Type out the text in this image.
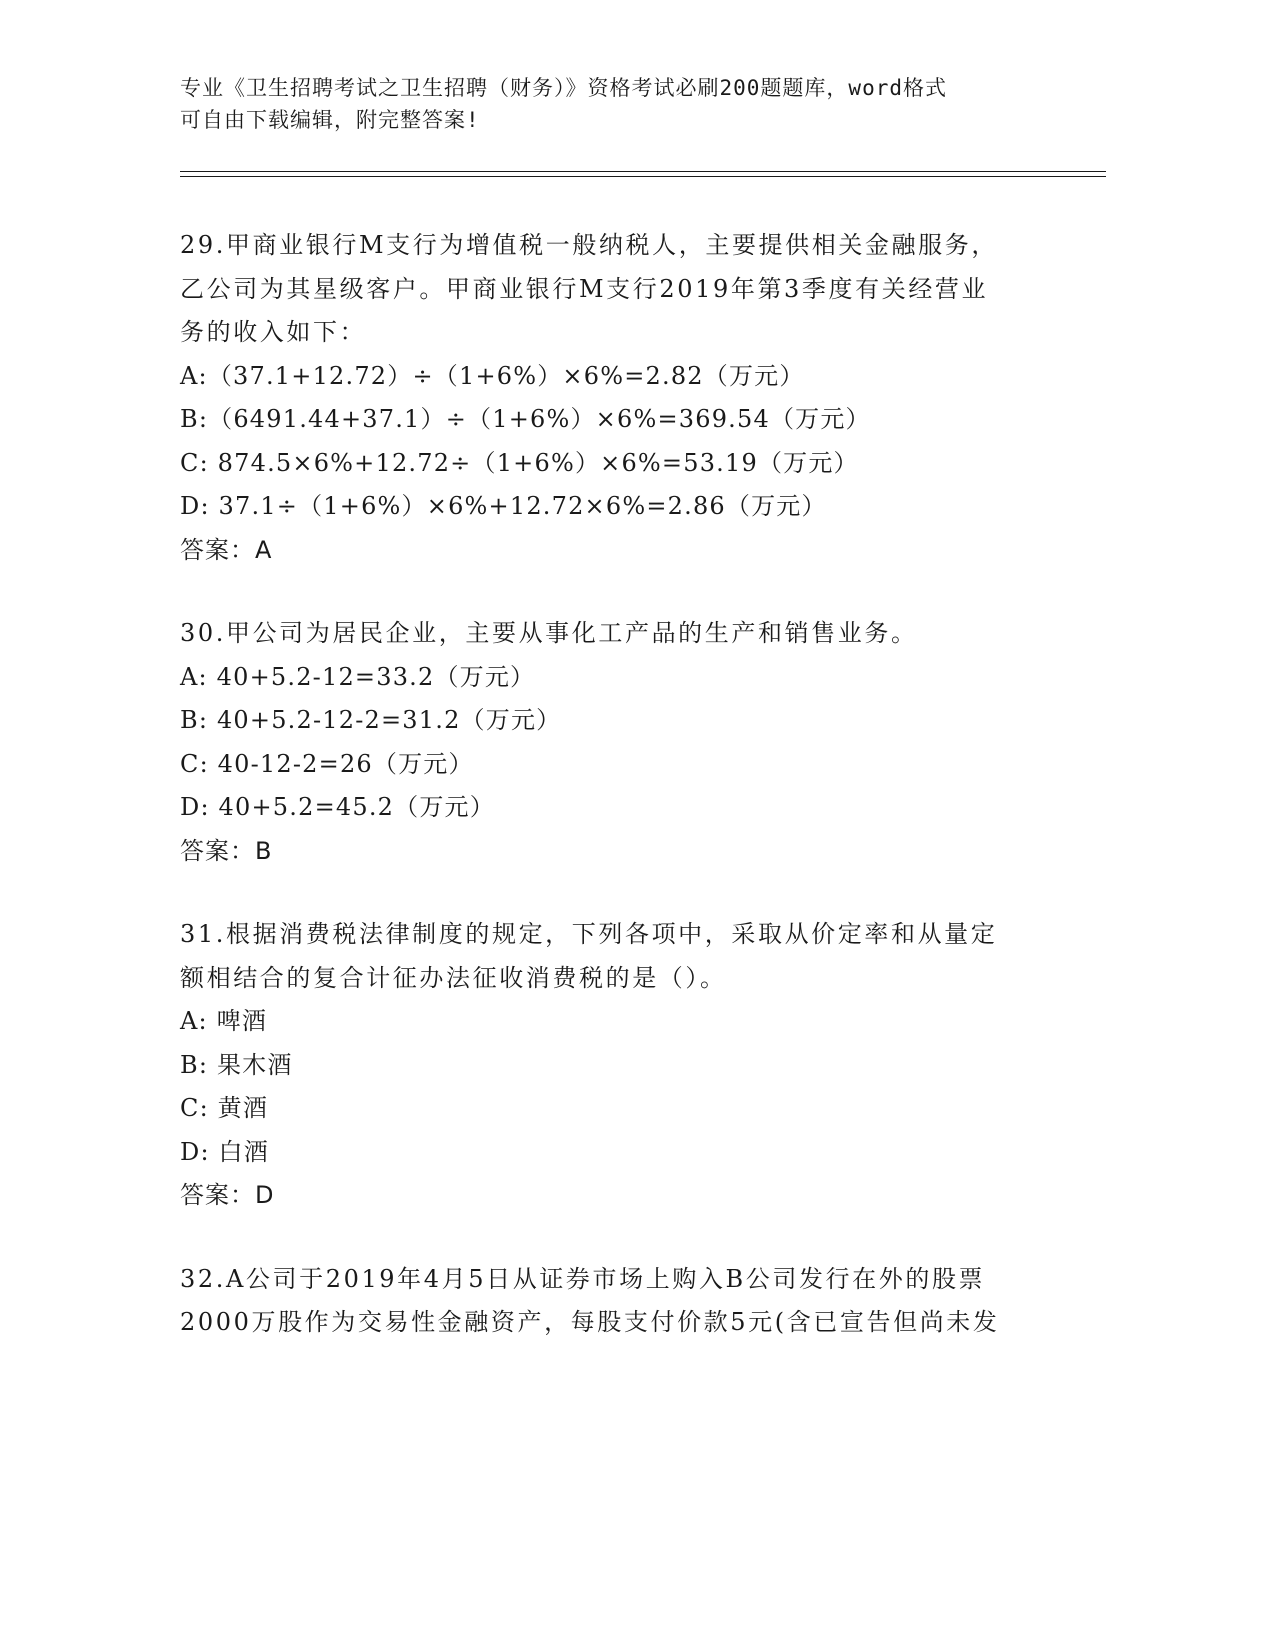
专业《卫生招聘考试之卫生招聘（财务）》资格考试必刷200题题库，word格式
可自由下载编辑，附完整答案!
29.甲商业银行M支行为增值税一般纳税人，主要提供相关金融服务，
乙公司为其星级客户。甲商业银行M支行2019年第3季度有关经营业
务的收入如下：
A:（37.1+12.72）÷（1+6%）×6%=2.82（万元）
B:（6491.44+37.1）÷（1+6%）×6%=369.54（万元）
C: 874.5×6%+12.72÷（1+6%）×6%=53.19（万元）
D: 37.1÷（1+6%）×6%+12.72×6%=2.86（万元）
答案：A
30.甲公司为居民企业，主要从事化工产品的生产和销售业务。
A: 40+5.2-12=33.2（万元）
B: 40+5.2-12-2=31.2（万元）
C: 40-12-2=26（万元）
D: 40+5.2=45.2（万元）
答案：B
31.根据消费税法律制度的规定，下列各项中，采取从价定率和从量定
额相结合的复合计征办法征收消费税的是（）。
A: 啤酒
B: 果木酒
C: 黄酒
D: 白酒
答案：D
32.A公司于2019年4月5日从证券市场上购入B公司发行在外的股票
2000万股作为交易性金融资产，每股支付价款5元(含已宣告但尚未发
